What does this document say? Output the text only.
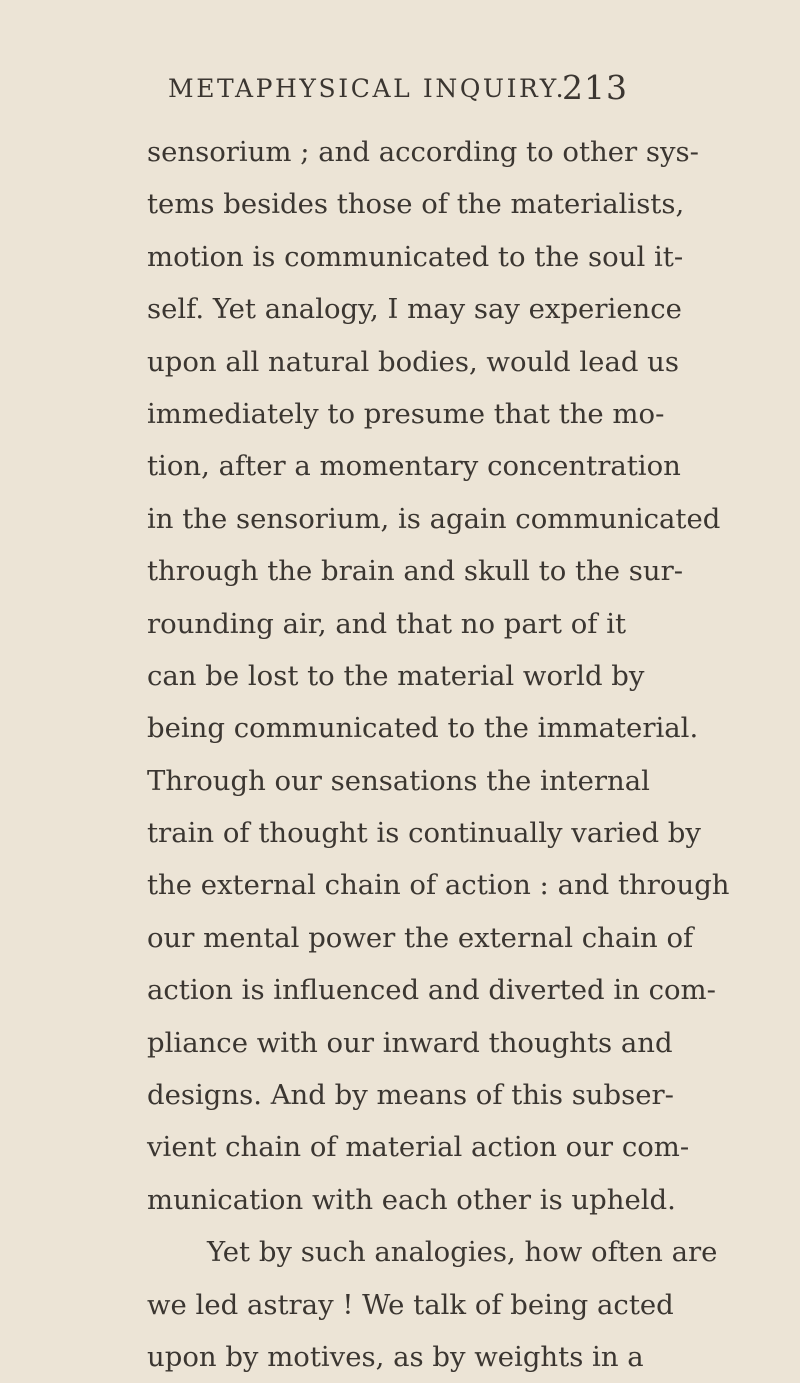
METAPHYSICAL INQUIRY.
213
sensorium ; and according to other sys-
tems besides those of the materialists,
motion is communicated to the soul it-
self. Yet analogy, I may say experience
upon all natural bodies, would lead us
immediately to presume that the mo-
tion, after a momentary concentration
in the sensorium, is again communicated
through the brain and skull to the sur-
rounding air, and that no part of it
can be lost to the material world by
being communicated to the immaterial.
Through our sensations the internal
train of thought is continually varied by
the external chain of action : and through
our mental power the external chain of
action is influenced and diverted in com-
pliance with our inward thoughts and
designs. And by means of this subser-
vient chain of material action our com-
munication with each other is upheld.
Yet by such analogies, how often are
we led astray ! We talk of being acted
upon by motives, as by weights in a
